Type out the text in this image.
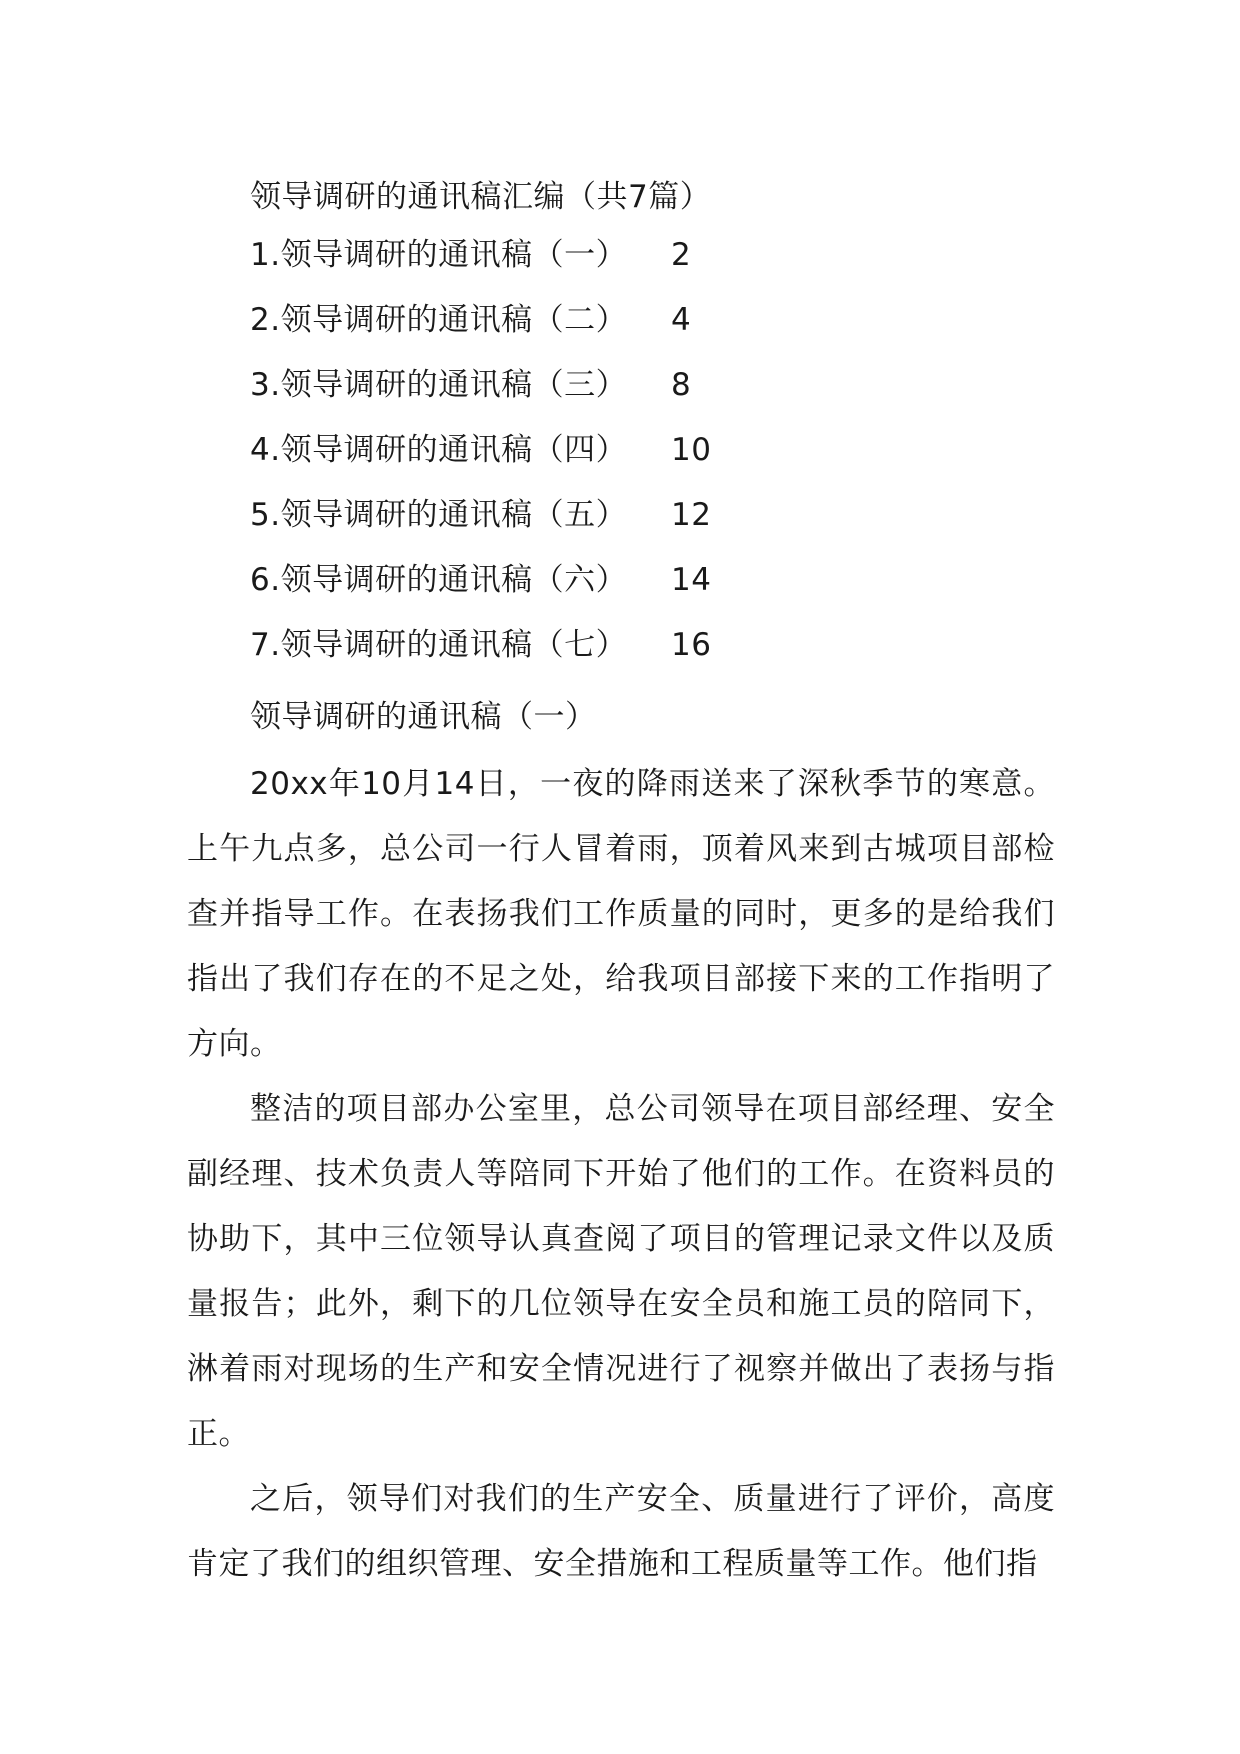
领导调研的通讯稿汇编（共7篇）
1.领导调研的通讯稿（一） 2
2.领导调研的通讯稿（二） 4
3.领导调研的通讯稿（三） 8
4.领导调研的通讯稿（四） 10
5.领导调研的通讯稿（五） 12
6.领导调研的通讯稿（六） 14
7.领导调研的通讯稿（七） 16
领导调研的通讯稿（一）

20xx年10月14日，一夜的降雨送来了深秋季节的寒意。上午九点多，总公司一行人冒着雨，顶着风来到古城项目部检查并指导工作。在表扬我们工作质量的同时，更多的是给我们指出了我们存在的不足之处，给我项目部接下来的工作指明了方向。

整洁的项目部办公室里，总公司领导在项目部经理、安全副经理、技术负责人等陪同下开始了他们的工作。在资料员的协助下，其中三位领导认真查阅了项目的管理记录文件以及质量报告；此外，剩下的几位领导在安全员和施工员的陪同下，淋着雨对现场的生产和安全情况进行了视察并做出了表扬与指正。

之后，领导们对我们的生产安全、质量进行了评价，高度肯定了我们的组织管理、安全措施和工程质量等工作。他们指
